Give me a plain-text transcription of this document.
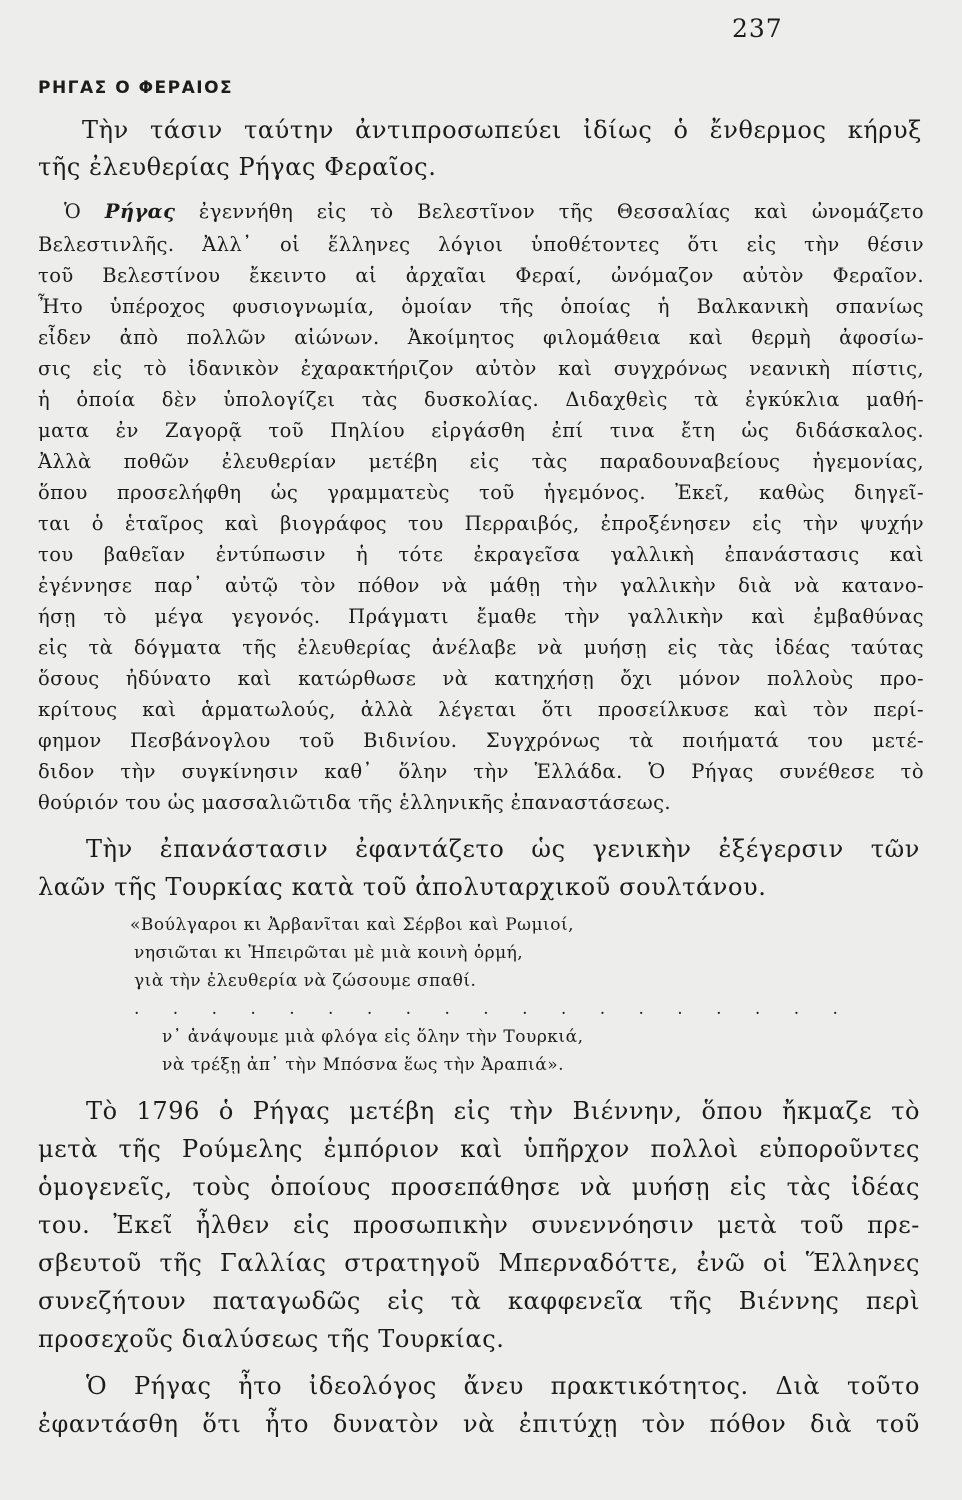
237
ΡΗΓΑΣ Ο ΦΕΡΑΙΟΣ
Τὴν τάσιν ταύτην ἀντιπροσωπεύει ἰδίως ὁ ἔνθερμος κήρυξ
τῆς ἐλευθερίας Ρήγας Φεραῖος.
Ὁ Ρήγας ἐγεννήθη εἰς τὸ Βελεστῖνον τῆς Θεσσαλίας καὶ ὠνομάζετο
Βελεστινλῆς. Ἀλλ᾽ οἱ ἕλληνες λόγιοι ὑποθέτοντες ὅτι εἰς τὴν θέσιν
τοῦ Βελεστίνου ἔκειντο αἱ ἀρχαῖαι Φεραί, ὠνόμαζον αὐτὸν Φεραῖον.
Ἦτο ὑπέροχος φυσιογνωμία, ὁμοίαν τῆς ὁποίας ἡ Βαλκανικὴ σπανίως
εἶδεν ἀπὸ πολλῶν αἰώνων. Ἀκοίμητος φιλομάθεια καὶ θερμὴ ἀφοσίω-
σις εἰς τὸ ἰδανικὸν ἐχαρακτήριζον αὐτὸν καὶ συγχρόνως νεανικὴ πίστις,
ἡ ὁποία δὲν ὑπολογίζει τὰς δυσκολίας. Διδαχθεὶς τὰ ἐγκύκλια μαθή-
ματα ἐν Ζαγορᾷ τοῦ Πηλίου εἰργάσθη ἐπί τινα ἔτη ὡς διδάσκαλος.
Ἀλλὰ ποθῶν ἐλευθερίαν μετέβη εἰς τὰς παραδουναβείους ἡγεμονίας,
ὅπου προσελήφθη ὡς γραμματεὺς τοῦ ἡγεμόνος. Ἐκεῖ, καθὼς διηγεῖ-
ται ὁ ἑταῖρος καὶ βιογράφος του Περραιβός, ἐπροξένησεν εἰς τὴν ψυχήν
του βαθεῖαν ἐντύπωσιν ἡ τότε ἐκραγεῖσα γαλλικὴ ἐπανάστασις καὶ
ἐγέννησε παρ᾽ αὐτῷ τὸν πόθον νὰ μάθῃ τὴν γαλλικὴν διὰ νὰ κατανο-
ήσῃ τὸ μέγα γεγονός. Πράγματι ἔμαθε τὴν γαλλικὴν καὶ ἐμβαθύνας
εἰς τὰ δόγματα τῆς ἐλευθερίας ἀνέλαβε νὰ μυήσῃ εἰς τὰς ἰδέας ταύτας
ὅσους ἠδύνατο καὶ κατώρθωσε νὰ κατηχήσῃ ὄχι μόνον πολλοὺς προ-
κρίτους καὶ ἁρματωλούς, ἀλλὰ λέγεται ὅτι προσείλκυσε καὶ τὸν περί-
φημον Πεσβάνογλου τοῦ Βιδινίου. Συγχρόνως τὰ ποιήματά του μετέ-
διδον τὴν συγκίνησιν καθ᾽ ὅλην τὴν Ἑλλάδα. Ὁ Ρήγας συνέθεσε τὸ
θούριόν του ὡς μασσαλιῶτιδα τῆς ἑλληνικῆς ἐπαναστάσεως.
Τὴν ἐπανάστασιν ἐφαντάζετο ὡς γενικὴν ἐξέγερσιν τῶν
λαῶν τῆς Τουρκίας κατὰ τοῦ ἀπολυταρχικοῦ σουλτάνου.
«Βούλγαροι κι Ἀρβανῖται καὶ Σέρβοι καὶ Ρωμιοί,
νησιῶται κι Ἠπειρῶται μὲ μιὰ κοινὴ ὁρμή,
γιὰ τὴν ἐλευθερία νὰ ζώσουμε σπαθί.
. . . . . . . . . . . . . . . . . . .
ν᾽ ἀνάψουμε μιὰ φλόγα εἰς ὅλην τὴν Τουρκιά,
νὰ τρέξῃ ἀπ᾽ τὴν Μπόσνα ἕως τὴν Ἀραπιά».
Τὸ 1796 ὁ Ρήγας μετέβη εἰς τὴν Βιέννην, ὅπου ἤκμαζε τὸ
μετὰ τῆς Ρούμελης ἐμπόριον καὶ ὑπῆρχον πολλοὶ εὐποροῦντες
ὁμογενεῖς, τοὺς ὁποίους προσεπάθησε νὰ μυήσῃ εἰς τὰς ἰδέας
του. Ἐκεῖ ἦλθεν εἰς προσωπικὴν συνεννόησιν μετὰ τοῦ πρε-
σβευτοῦ τῆς Γαλλίας στρατηγοῦ Μπερναδόττε, ἐνῶ οἱ Ἕλληνες
συνεζήτουν παταγωδῶς εἰς τὰ καφφενεῖα τῆς Βιέννης περὶ
προσεχοῦς διαλύσεως τῆς Τουρκίας.
Ὁ Ρήγας ἦτο ἰδεολόγος ἄνευ πρακτικότητος. Διὰ τοῦτο
ἐφαντάσθη ὅτι ἦτο δυνατὸν νὰ ἐπιτύχῃ τὸν πόθον διὰ τοῦ
